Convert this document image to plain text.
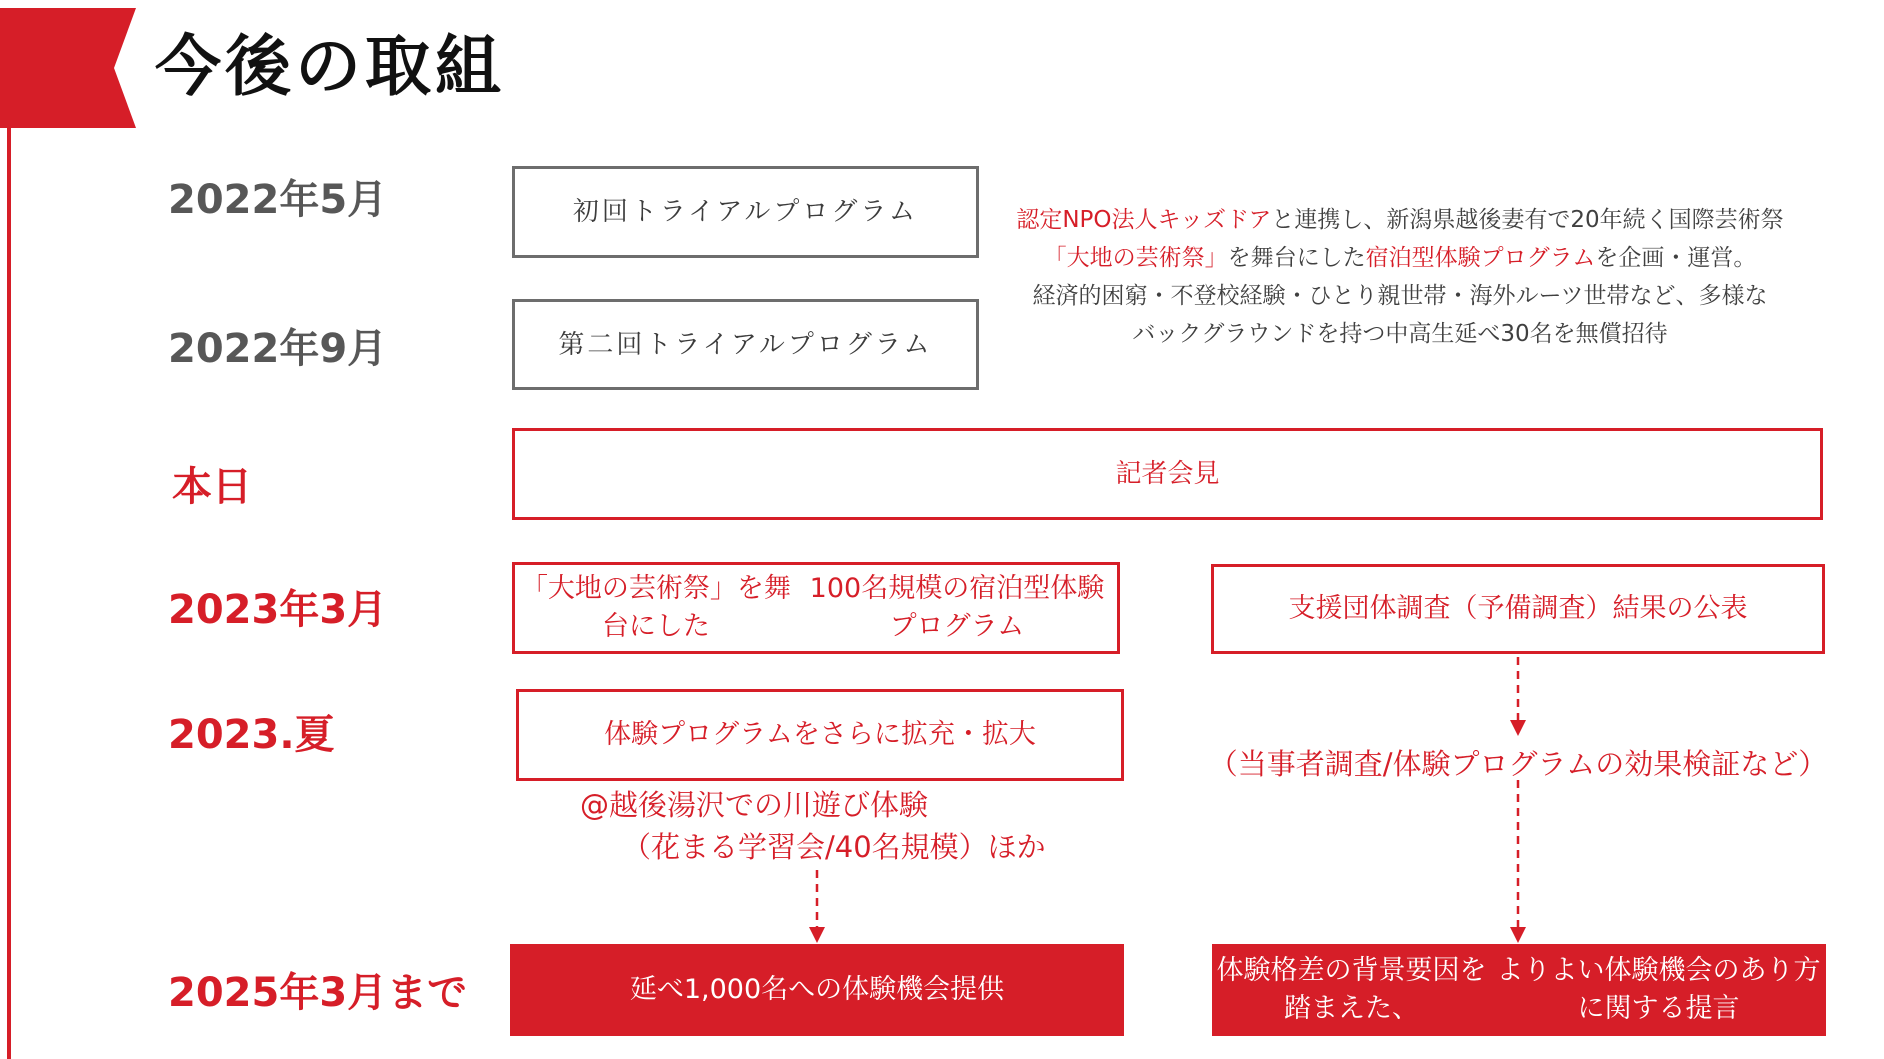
今後の取組
2022年5月
2022年9月
本日
2023年3月
2023.夏
2025年3月まで
初回トライアルプログラム
第二回トライアルプログラム
認定NPO法人キッズドアと連携し、新潟県越後妻有で20年続く国際芸術祭
「大地の芸術祭」を舞台にした宿泊型体験プログラムを企画・運営。
経済的困窮・不登校経験・ひとり親世帯・海外ルーツ世帯など、多様な
バックグラウンドを持つ中高生延べ30名を無償招待
記者会見
「大地の芸術祭」を舞台にした
100名規模の宿泊型体験プログラム
支援団体調査（予備調査）結果の公表
体験プログラムをさらに拡充・拡大
（当事者調査/体験プログラムの効果検証など）
@越後湯沢での川遊び体験
（花まる学習会/40名規模）ほか
延べ1,000名への体験機会提供
体験格差の背景要因を踏まえた、
よりよい体験機会のあり方に関する提言
